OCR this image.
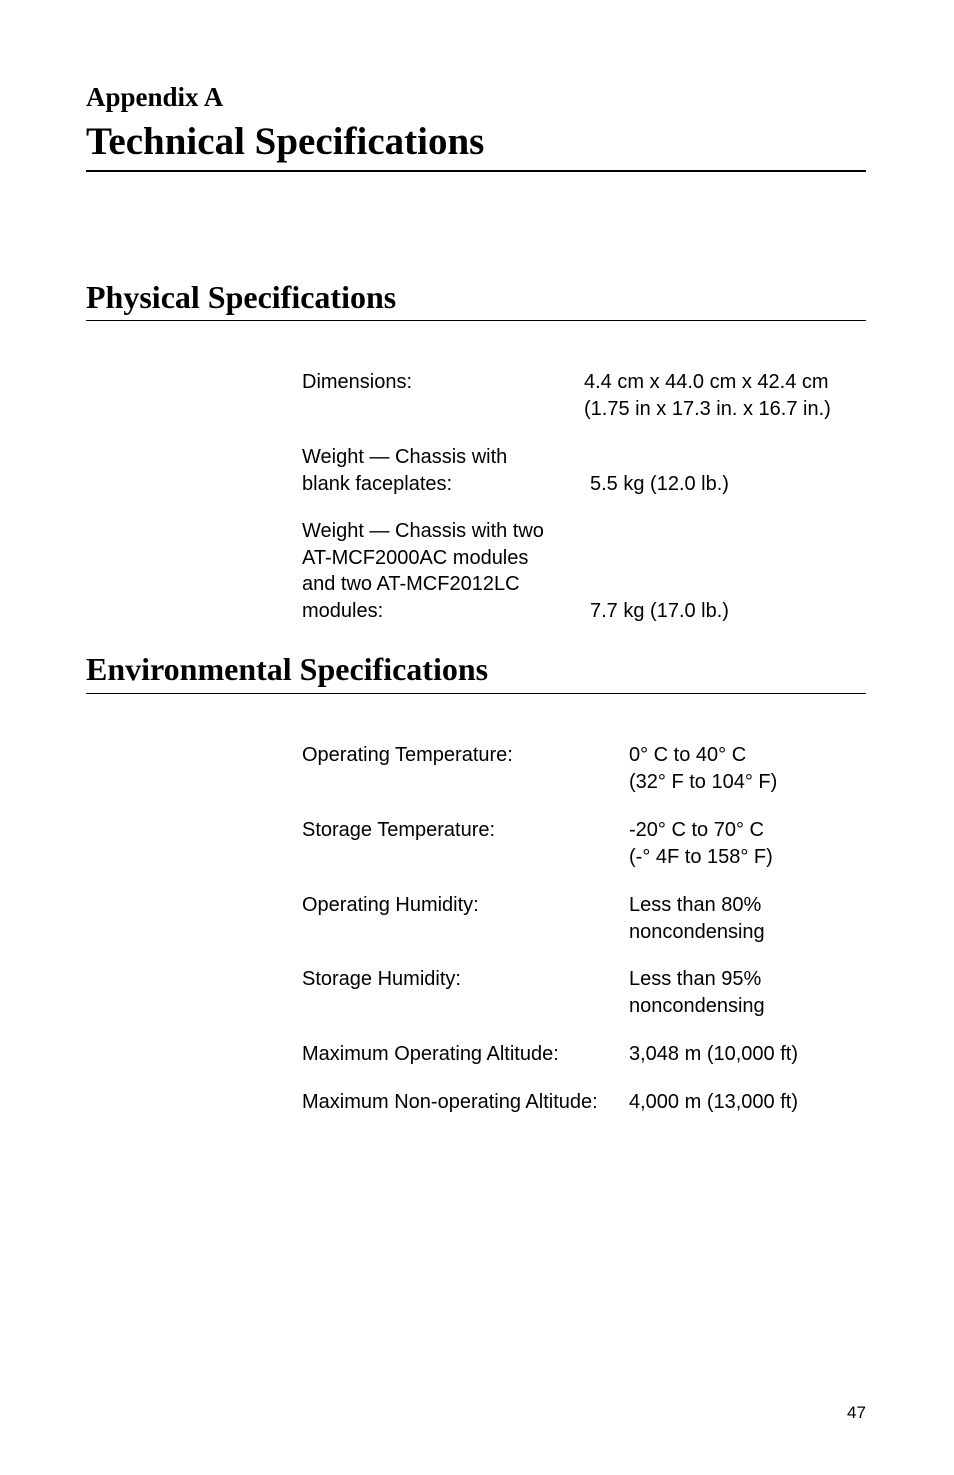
Appendix A
Technical Specifications
Physical Specifications
Dimensions:	4.4 cm x 44.0 cm x 42.4 cm
(1.75 in x 17.3 in. x 16.7 in.)
Weight — Chassis with
blank faceplates:	5.5 kg (12.0 lb.)
Weight — Chassis with two
AT-MCF2000AC modules
and two AT-MCF2012LC
modules:	7.7 kg (17.0 lb.)
Environmental Specifications
Operating Temperature:	0° C to 40° C
(32° F to 104° F)
Storage Temperature:	-20° C to 70° C
(-° 4F to 158° F)
Operating Humidity:	Less than 80%
noncondensing
Storage Humidity:	Less than 95%
noncondensing
Maximum Operating Altitude:	3,048 m (10,000 ft)
Maximum Non-operating Altitude: 4,000 m (13,000 ft)
47
